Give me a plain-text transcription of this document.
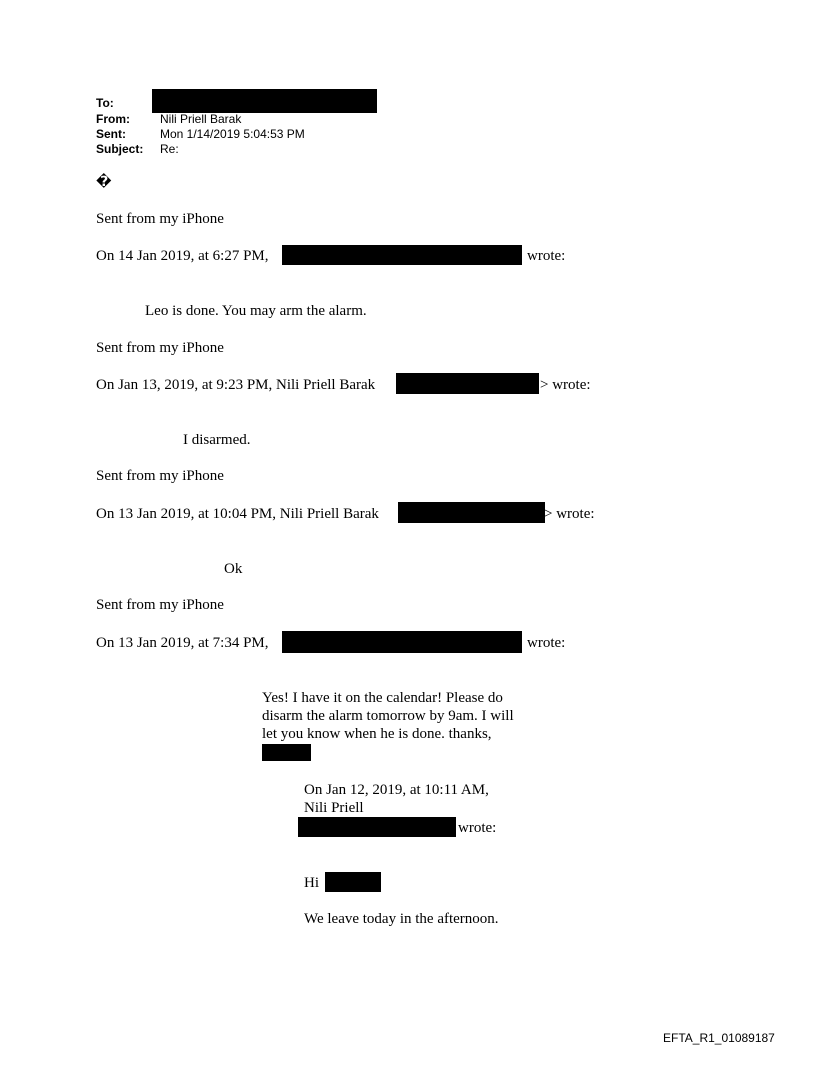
To:
From:	Nili Priell Barak
Sent:	Mon 1/14/2019 5:04:53 PM
Subject: Re:
�
Sent from my iPhone
On 14 Jan 2019, at 6:27 PM,	wrote:
Leo is done. You may arm the alarm.
Sent from my iPhone
On Jan 13, 2019, at 9:23 PM, Nili Priell Barak	> wrote:
I disarmed.
Sent from my iPhone
On 13 Jan 2019, at 10:04 PM, Nili Priell Barak	> wrote:
Ok
Sent from my iPhone
On 13 Jan 2019, at 7:34 PM,	wrote:
Yes! I have it on the calendar! Please do
disarm the alarm tomorrow by 9am. I will
let you know when he is done. thanks,
On Jan 12, 2019, at 10:11 AM,
Nili Priell
wrote:
Hi
We leave today in the afternoon.
EFTA_R1_01089187
